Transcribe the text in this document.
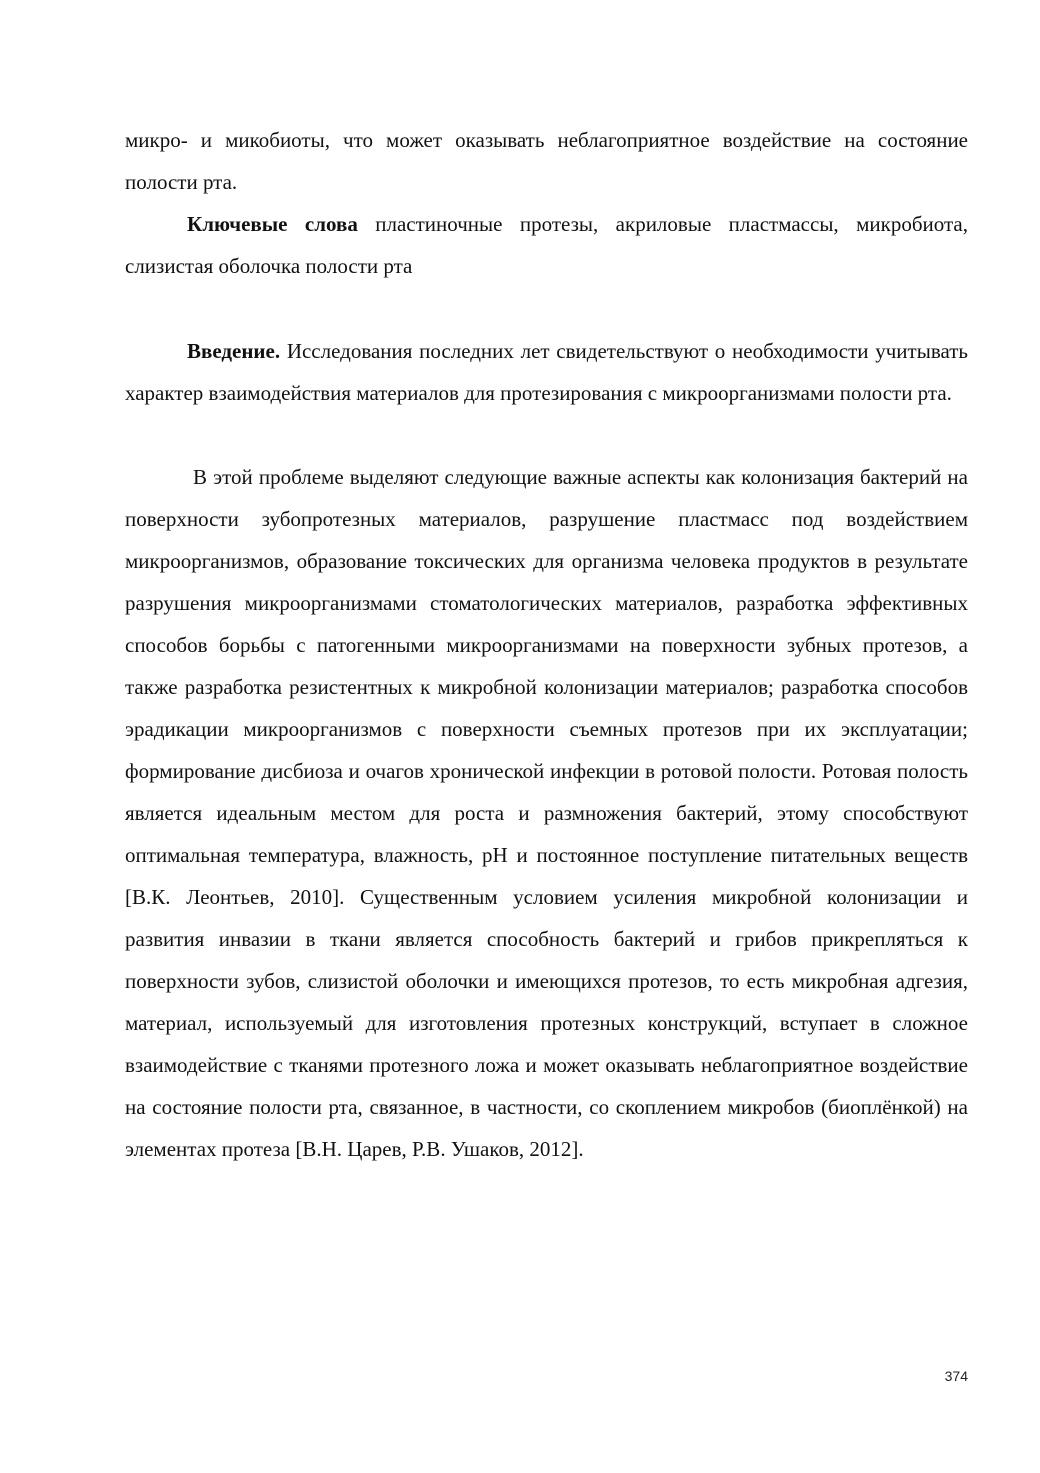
микро- и микобиоты, что может оказывать неблагоприятное воздействие на состояние полости рта.

Ключевые слова пластиночные протезы, акриловые пластмассы, микробиота, слизистая оболочка полости рта

Введение. Исследования последних лет свидетельствуют о необходимости учитывать характер взаимодействия материалов для протезирования с микроорганизмами полости рта.

В этой проблеме выделяют следующие важные аспекты как колонизация бактерий на поверхности зубопротезных материалов, разрушение пластмасс под воздействием микроорганизмов, образование токсических для организма человека продуктов в результате разрушения микроорганизмами стоматологических материалов, разработка эффективных способов борьбы с патогенными микроорганизмами на поверхности зубных протезов, а также разработка резистентных к микробной колонизации материалов; разработка способов эрадикации микроорганизмов с поверхности съемных протезов при их эксплуатации; формирование дисбиоза и очагов хронической инфекции в ротовой полости. Ротовая полость является идеальным местом для роста и размножения бактерий, этому способствуют оптимальная температура, влажность, pH и постоянное поступление питательных веществ [В.К. Леонтьев, 2010]. Существенным условием усиления микробной колонизации и развития инвазии в ткани является способность бактерий и грибов прикрепляться к поверхности зубов, слизистой оболочки и имеющихся протезов, то есть микробная адгезия, материал, используемый для изготовления протезных конструкций, вступает в сложное взаимодействие с тканями протезного ложа и может оказывать неблагоприятное воздействие на состояние полости рта, связанное, в частности, со скоплением микробов (биоплёнкой) на элементах протеза [В.Н. Царев, Р.В. Ушаков, 2012].

374
